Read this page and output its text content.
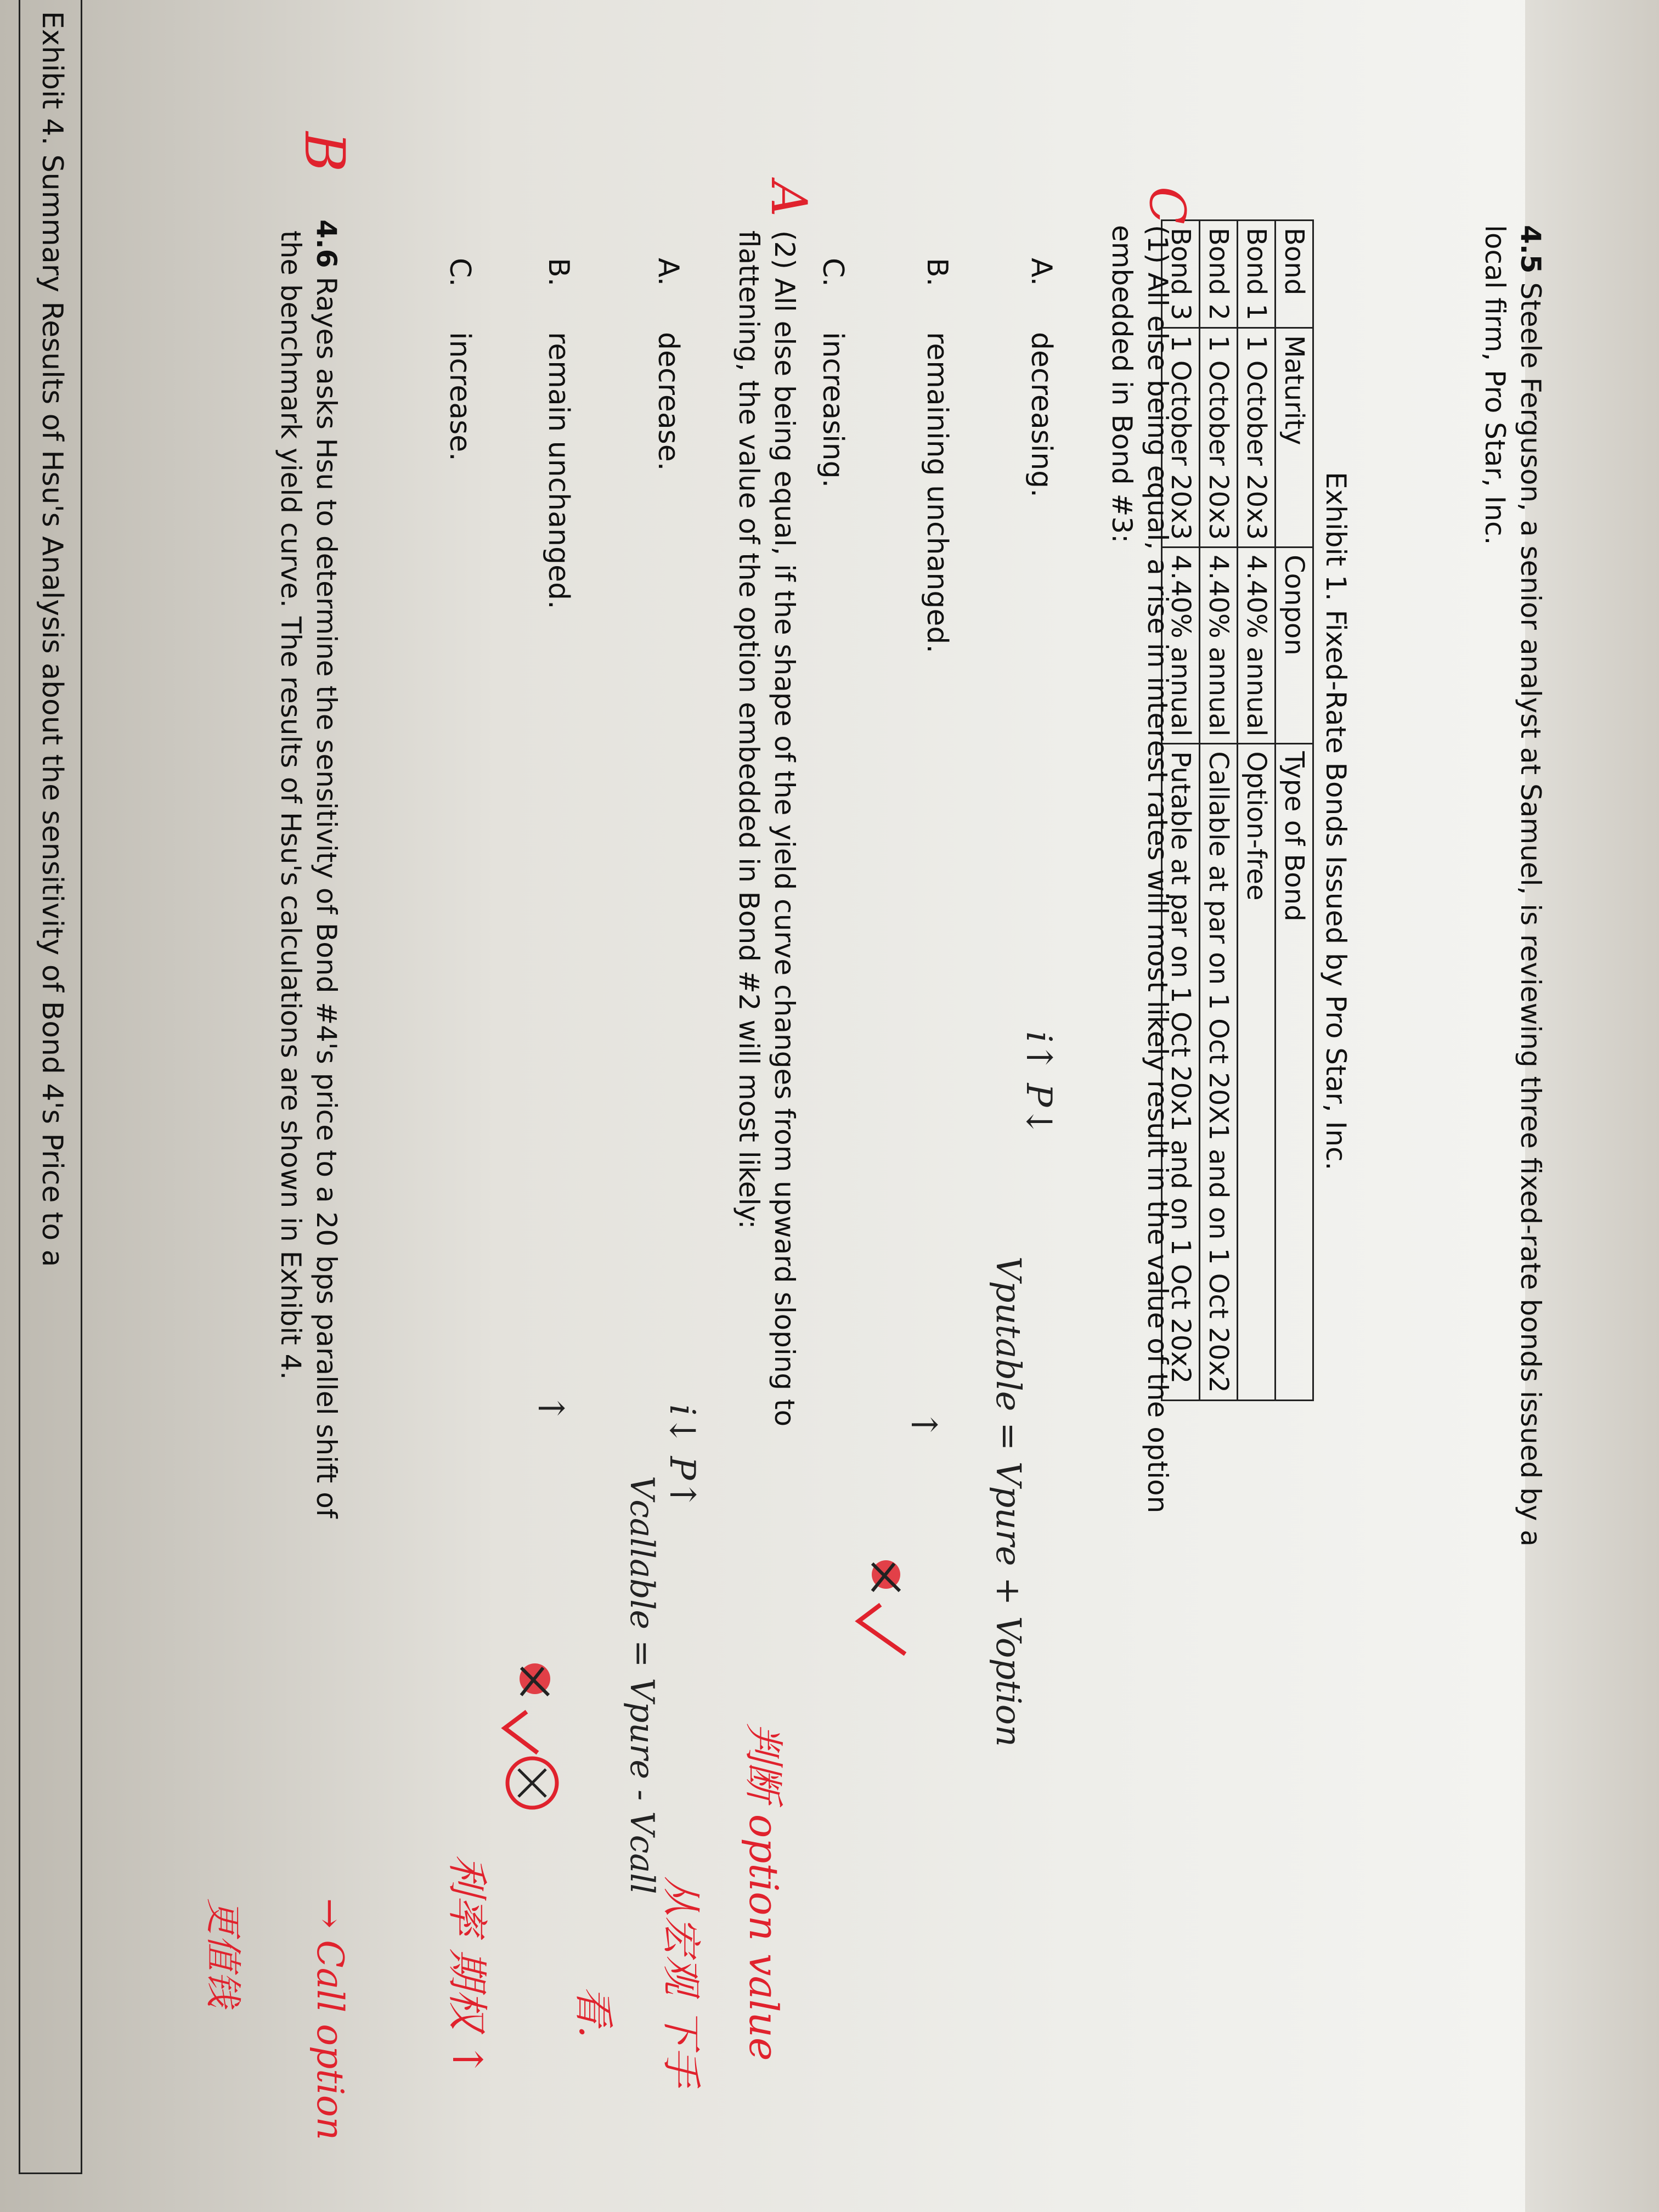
4.5 Steele Ferguson, a senior analyst at Samuel, is reviewing three fixed-rate bonds issued by a
local firm, Pro Star, Inc.
Exhibit 1. Fixed-Rate Bonds Issued by Pro Star, Inc.
Bond	Maturity	Conpon	Type of Bond
Bond 1	1 October 20x3	4.40% annual	Option-free
Bond 2	1 October 20x3	4.40% annual	Callable at par on 1 Oct 20X1 and on 1 Oct 20x2
Bond 3	1 October 20x3	4.40% annual	Putable at par on 1 Oct 20x1 and on 1 Oct 20x2
C
(1) All else being equal, a rise in interest rates will most likely result in the value of the option
embedded in Bond #3:
A.decreasing.
B.remaining unchanged.
C.increasing.
i↑ P↓
Vputable = Vpure + Voption
↑
A
(2) All else being equal, if the shape of the yield curve changes from upward sloping to
flattening, the value of the option embedded in Bond #2 will most likely:
A.decrease.
B.remain unchanged.
C.increase.
判断 option value
从宏观 下手
看.
i↓ P↑
Vcallable = Vpure - Vcall
↑
利率 期权 ↑
B
4.6 Rayes asks Hsu to determine the sensitivity of Bond #4's price to a 20 bps parallel shift of
the benchmark yield curve. The results of Hsu's calculations are shown in Exhibit 4.
→ Call option
更值钱
Exhibit 4. Summary Results of Hsu's Analysis about the sensitivity of Bond 4's Price to a
